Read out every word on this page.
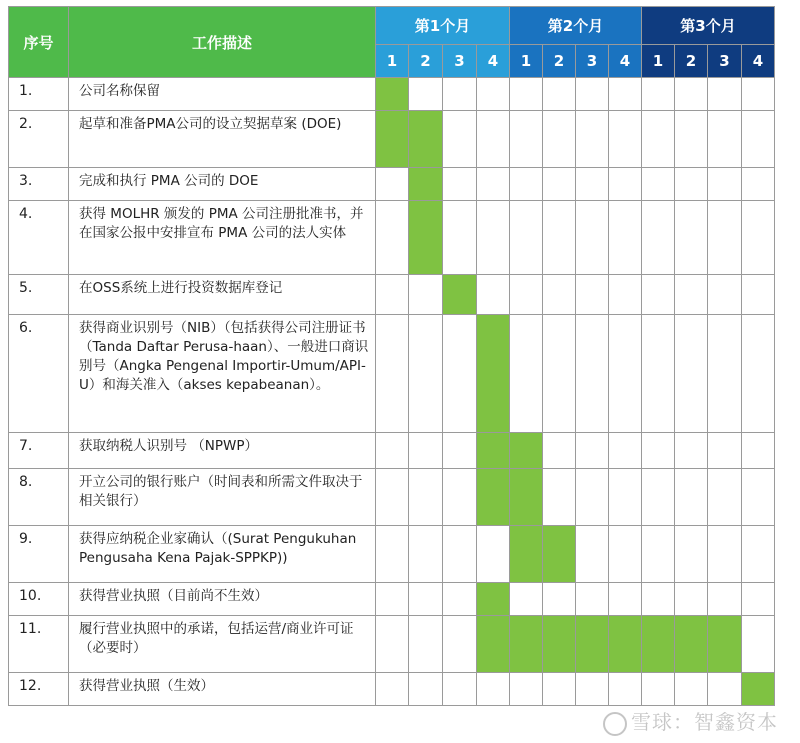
序号	工作描述	第1个月				第2个月				第3个月			
		1	2	3	4	1	2	3	4	1	2	3	4
1.	公司名称保留												
2.	起草和准备PMA公司的设立契据草案 (DOE)												
3.	完成和执行 PMA 公司的 DOE												
4.	获得 MOLHR 颁发的 PMA 公司注册批准书，并在国家公报中安排宣布 PMA 公司的法人实体												
5.	在OSS系统上进行投资数据库登记												
6.	获得商业识别号（NIB）（包括获得公司注册证书（Tanda Daftar Perusa-haan）、一般进口商识别号（Angka Pengenal Importir-Umum/API-U）和海关准入（akses kepabeanan）。												
7.	获取纳税人识别号 （NPWP）												
8.	开立公司的银行账户（时间表和所需文件取决于相关银行）												
9.	获得应纳税企业家确认（(Surat Pengukuhan Pengusaha Kena Pajak-SPPKP))												
10.	获得营业执照（目前尚不生效）												
11.	履行营业执照中的承诺，包括运营/商业许可证（必要时）												
12.	获得营业执照（生效）												
雪球：智鑫资本
